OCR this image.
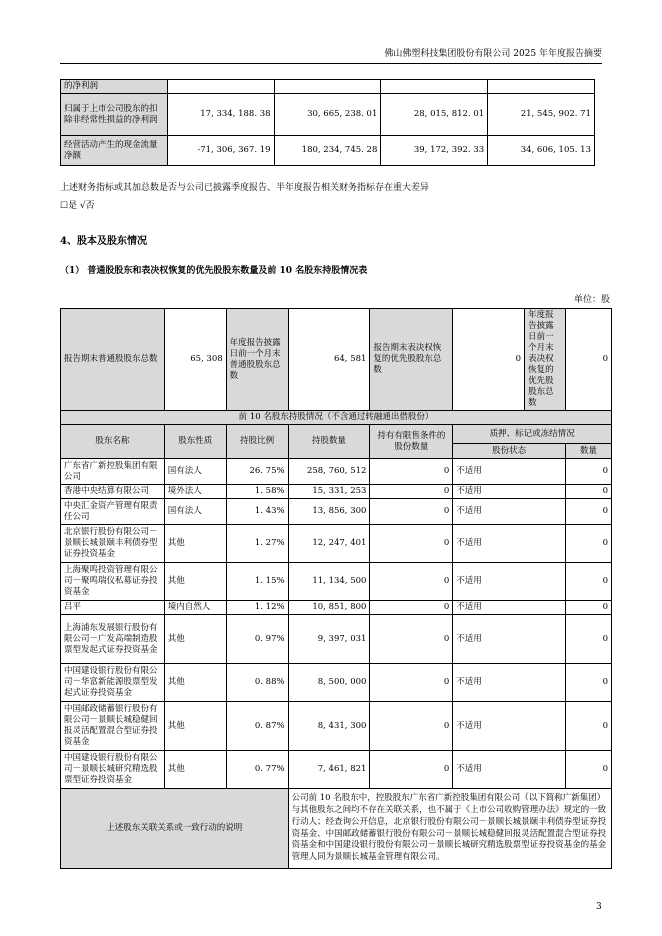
佛山佛塑科技集团股份有限公司 2025 年年度报告摘要
的净利润				
归属于上市公司股东的扣除非经常性损益的净利润	17, 334, 188. 38	30, 665, 238. 01	28, 015, 812. 01	21, 545, 902. 71
经营活动产生的现金流量净额	-71, 306, 367. 19	180, 234, 745. 28	39, 172, 392. 33	34, 606, 105. 13
上述财务指标或其加总数是否与公司已披露季度报告、半年度报告相关财务指标存在重大差异
☐是 √否
4、股本及股东情况
（1） 普通股股东和表决权恢复的优先股股东数量及前 10 名股东持股情况表
单位：股
报告期末普通股股东总数	65, 308	年度报告披露日前一个月末普通股股东总数	64, 581	报告期末表决权恢复的优先股股东总数	0	年度报告披露日前一个月末表决权恢复的优先股股东总数	0
前 10 名股东持股情况（不含通过转融通出借股份）							
股东名称	股东性质	持股比例	持股数量	持有有限售条件的股份数量	质押、标记或冻结情况		
					股份状态		数量
广东省广新控股集团有限公司	国有法人	26. 75%	258, 760, 512	0	不适用		0
香港中央结算有限公司	境外法人	1. 58%	15, 331, 253	0	不适用		0
中央汇金资产管理有限责任公司	国有法人	1. 43%	13, 856, 300	0	不适用		0
北京银行股份有限公司－景顺长城景颐丰利债券型证券投资基金	其他	1. 27%	12, 247, 401	0	不适用		0
上海聚鸣投资管理有限公司－聚鸣瑞仪私募证券投资基金	其他	1. 15%	11, 134, 500	0	不适用		0
吕平	境内自然人	1. 12%	10, 851, 800	0	不适用		0
上海浦东发展银行股份有限公司－广发高端制造股票型发起式证券投资基金	其他	0. 97%	9, 397, 031	0	不适用		0
中国建设银行股份有限公司－华富新能源股票型发起式证券投资基金	其他	0. 88%	8, 500, 000	0	不适用		0
中国邮政储蓄银行股份有限公司－景顺长城稳健回报灵活配置混合型证券投资基金	其他	0. 87%	8, 431, 300	0	不适用		0
中国建设银行股份有限公司－景顺长城研究精选股票型证券投资基金	其他	0. 77%	7, 461, 821	0	不适用		0
上述股东关联关系或一致行动的说明			公司前 10 名股东中，控股股东广东省广新控股集团有限公司（以下简称广新集团）与其他股东之间均不存在关联关系，也不属于《上市公司收购管理办法》规定的一致行动人；经查询公开信息，北京银行股份有限公司－景顺长城景颐丰利债券型证券投资基金、中国邮政储蓄银行股份有限公司－景顺长城稳健回报灵活配置混合型证券投资基金和中国建设银行股份有限公司－景顺长城研究精选股票型证券投资基金的基金管理人同为景顺长城基金管理有限公司。				
3
